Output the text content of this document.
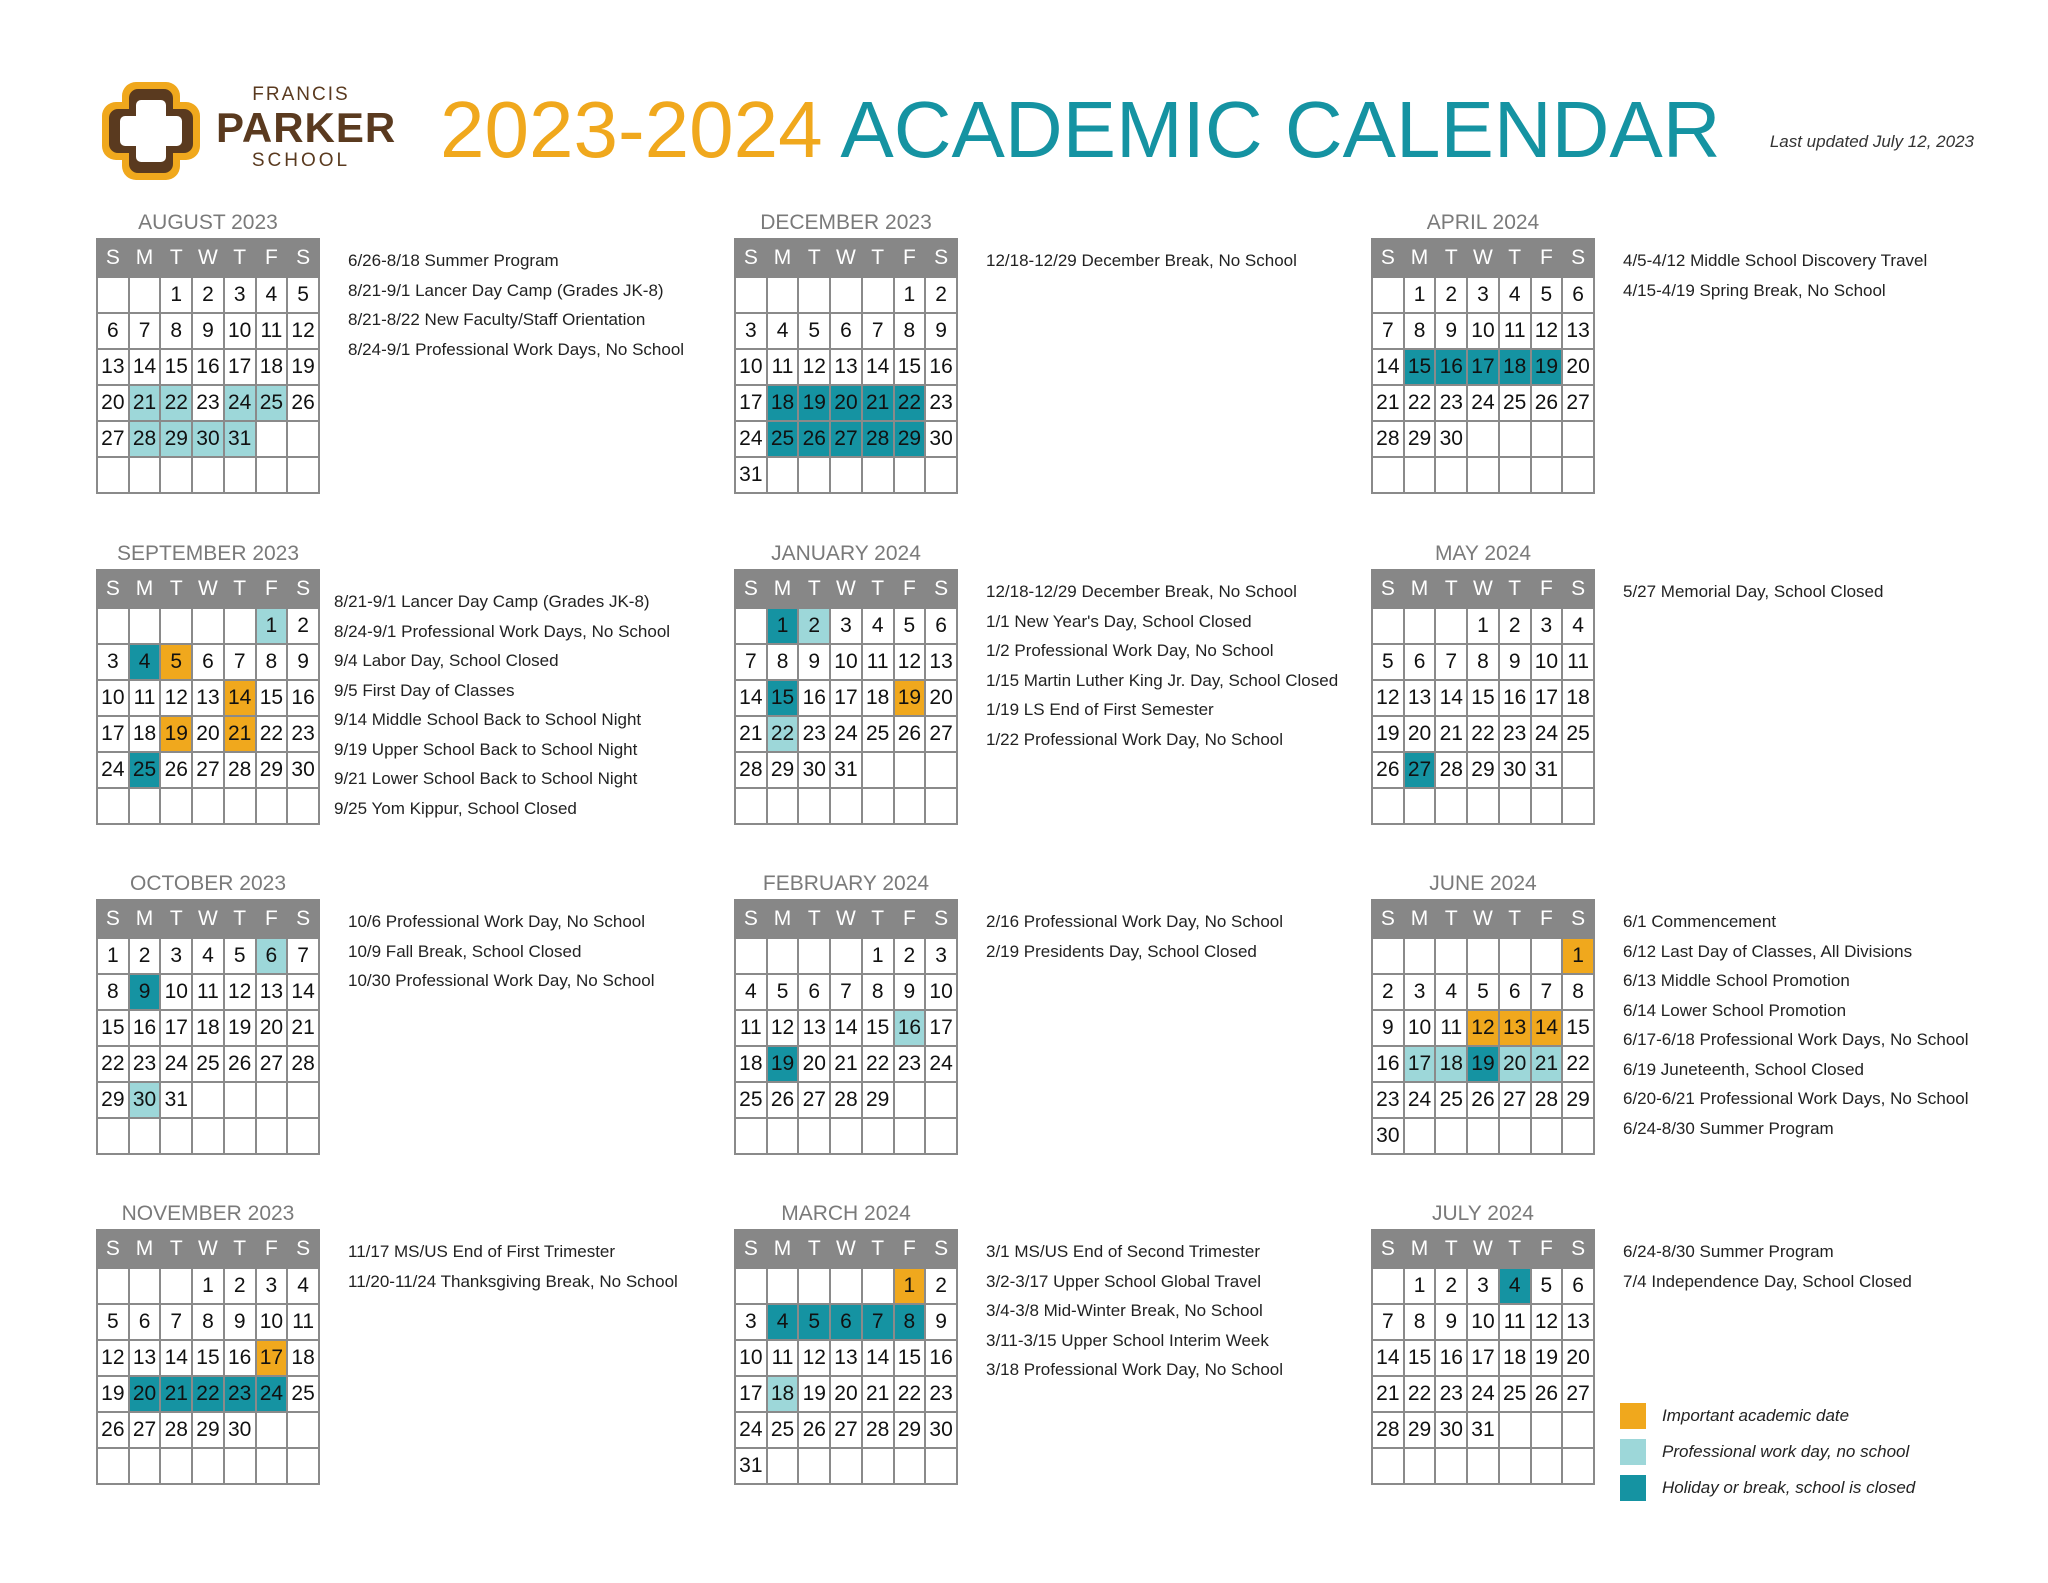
FRANCIS
PARKER
SCHOOL	2023-2024 ACADEMIC CALENDAR	Last updated July 12, 2023
AUGUST 2023
S	M	T	W	T	F	S
		1	2	3	4	5
6	7	8	9	10	11	12
13	14	15	16	17	18	19
20	21	22	23	24	25	26
27	28	29	30	31		

6/26-8/18 Summer Program
8/21-9/1 Lancer Day Camp (Grades JK-8)
8/21-8/22 New Faculty/Staff Orientation
8/24-9/1 Professional Work Days, No School
DECEMBER 2023
S	M	T	W	T	F	S
					1	2
3	4	5	6	7	8	9
10	11	12	13	14	15	16
17	18	19	20	21	22	23
24	25	26	27	28	29	30
31						
12/18-12/29 December Break, No School
APRIL 2024
S	M	T	W	T	F	S
	1	2	3	4	5	6
7	8	9	10	11	12	13
14	15	16	17	18	19	20
21	22	23	24	25	26	27
28	29	30				

4/5-4/12 Middle School Discovery Travel
4/15-4/19 Spring Break, No School
SEPTEMBER 2023
S	M	T	W	T	F	S
					1	2
3	4	5	6	7	8	9
10	11	12	13	14	15	16
17	18	19	20	21	22	23
24	25	26	27	28	29	30

8/21-9/1 Lancer Day Camp (Grades JK-8)
8/24-9/1 Professional Work Days, No School
9/4 Labor Day, School Closed
9/5 First Day of Classes
9/14 Middle School Back to School Night
9/19 Upper School Back to School Night
9/21 Lower School Back to School Night
9/25 Yom Kippur, School Closed
JANUARY 2024
S	M	T	W	T	F	S
	1	2	3	4	5	6
7	8	9	10	11	12	13
14	15	16	17	18	19	20
21	22	23	24	25	26	27
28	29	30	31			

12/18-12/29 December Break, No School
1/1 New Year's Day, School Closed
1/2 Professional Work Day, No School
1/15 Martin Luther King Jr. Day, School Closed
1/19 LS End of First Semester
1/22 Professional Work Day, No School
MAY 2024
S	M	T	W	T	F	S
			1	2	3	4
5	6	7	8	9	10	11
12	13	14	15	16	17	18
19	20	21	22	23	24	25
26	27	28	29	30	31	

5/27 Memorial Day, School Closed
OCTOBER 2023
S	M	T	W	T	F	S
1	2	3	4	5	6	7
8	9	10	11	12	13	14
15	16	17	18	19	20	21
22	23	24	25	26	27	28
29	30	31				

10/6 Professional Work Day, No School
10/9 Fall Break, School Closed
10/30 Professional Work Day, No School
FEBRUARY 2024
S	M	T	W	T	F	S
				1	2	3
4	5	6	7	8	9	10
11	12	13	14	15	16	17
18	19	20	21	22	23	24
25	26	27	28	29		

2/16 Professional Work Day, No School
2/19 Presidents Day, School Closed
JUNE 2024
S	M	T	W	T	F	S
						1
2	3	4	5	6	7	8
9	10	11	12	13	14	15
16	17	18	19	20	21	22
23	24	25	26	27	28	29
30						
6/1 Commencement
6/12 Last Day of Classes, All Divisions
6/13 Middle School Promotion
6/14 Lower School Promotion
6/17-6/18 Professional Work Days, No School
6/19 Juneteenth, School Closed
6/20-6/21 Professional Work Days, No School
6/24-8/30 Summer Program
NOVEMBER 2023
S	M	T	W	T	F	S
			1	2	3	4
5	6	7	8	9	10	11
12	13	14	15	16	17	18
19	20	21	22	23	24	25
26	27	28	29	30		

11/17 MS/US End of First Trimester
11/20-11/24 Thanksgiving Break, No School
MARCH 2024
S	M	T	W	T	F	S
					1	2
3	4	5	6	7	8	9
10	11	12	13	14	15	16
17	18	19	20	21	22	23
24	25	26	27	28	29	30
31						
3/1 MS/US End of Second Trimester
3/2-3/17 Upper School Global Travel
3/4-3/8 Mid-Winter Break, No School
3/11-3/15 Upper School Interim Week
3/18 Professional Work Day, No School
JULY 2024
S	M	T	W	T	F	S
	1	2	3	4	5	6
7	8	9	10	11	12	13
14	15	16	17	18	19	20
21	22	23	24	25	26	27
28	29	30	31			

6/24-8/30 Summer Program
7/4 Independence Day, School Closed
Important academic date
Professional work day, no school
Holiday or break, school is closed
